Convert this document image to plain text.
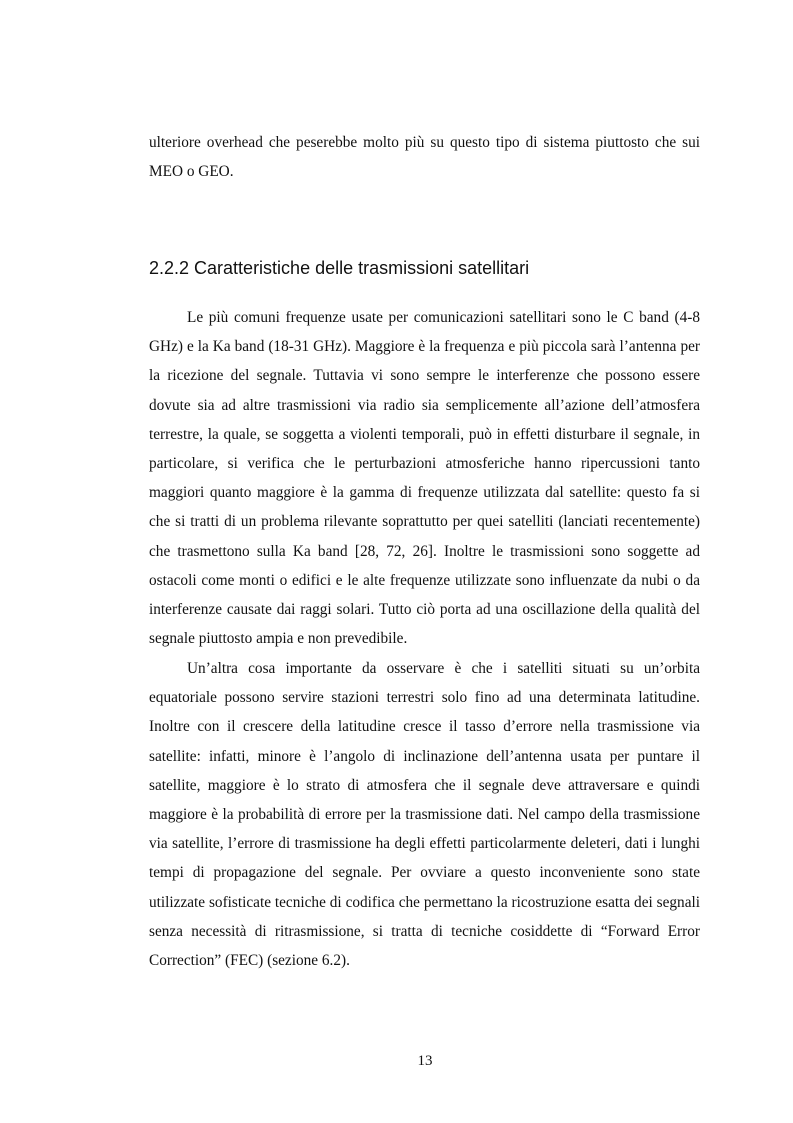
ulteriore overhead che peserebbe molto più su questo tipo di sistema piuttosto che sui MEO o GEO.

2.2.2 Caratteristiche delle trasmissioni satellitari

Le più comuni frequenze usate per comunicazioni satellitari sono le C band (4-8 GHz) e la Ka band (18-31 GHz). Maggiore è la frequenza e più piccola sarà l’antenna per la ricezione del segnale. Tuttavia vi sono sempre le interferenze che possono essere dovute sia ad altre trasmissioni via radio sia semplicemente all’azione dell’atmosfera terrestre, la quale, se soggetta a violenti temporali, può in effetti disturbare il segnale, in particolare, si verifica che le perturbazioni atmosferiche hanno ripercussioni tanto maggiori quanto maggiore è la gamma di frequenze utilizzata dal satellite: questo fa si che si tratti di un problema rilevante soprattutto per quei satelliti (lanciati recentemente) che trasmettono sulla Ka band [28, 72, 26]. Inoltre le trasmissioni sono soggette ad ostacoli come monti o edifici e le alte frequenze utilizzate sono influenzate da nubi o da interferenze causate dai raggi solari. Tutto ciò porta ad una oscillazione della qualità del segnale piuttosto ampia e non prevedibile.

Un’altra cosa importante da osservare è che i satelliti situati su un’orbita equatoriale possono servire stazioni terrestri solo fino ad una determinata latitudine. Inoltre con il crescere della latitudine cresce il tasso d’errore nella trasmissione via satellite: infatti, minore è l’angolo di inclinazione dell’antenna usata per puntare il satellite, maggiore è lo strato di atmosfera che il segnale deve attraversare e quindi maggiore è la probabilità di errore per la trasmissione dati. Nel campo della trasmissione via satellite, l’errore di trasmissione ha degli effetti particolarmente deleteri, dati i lunghi tempi di propagazione del segnale. Per ovviare a questo inconveniente sono state utilizzate sofisticate tecniche di codifica che permettano la ricostruzione esatta dei segnali senza necessità di ritrasmissione, si tratta di tecniche cosiddette di “Forward Error Correction” (FEC) (sezione 6.2).

13
